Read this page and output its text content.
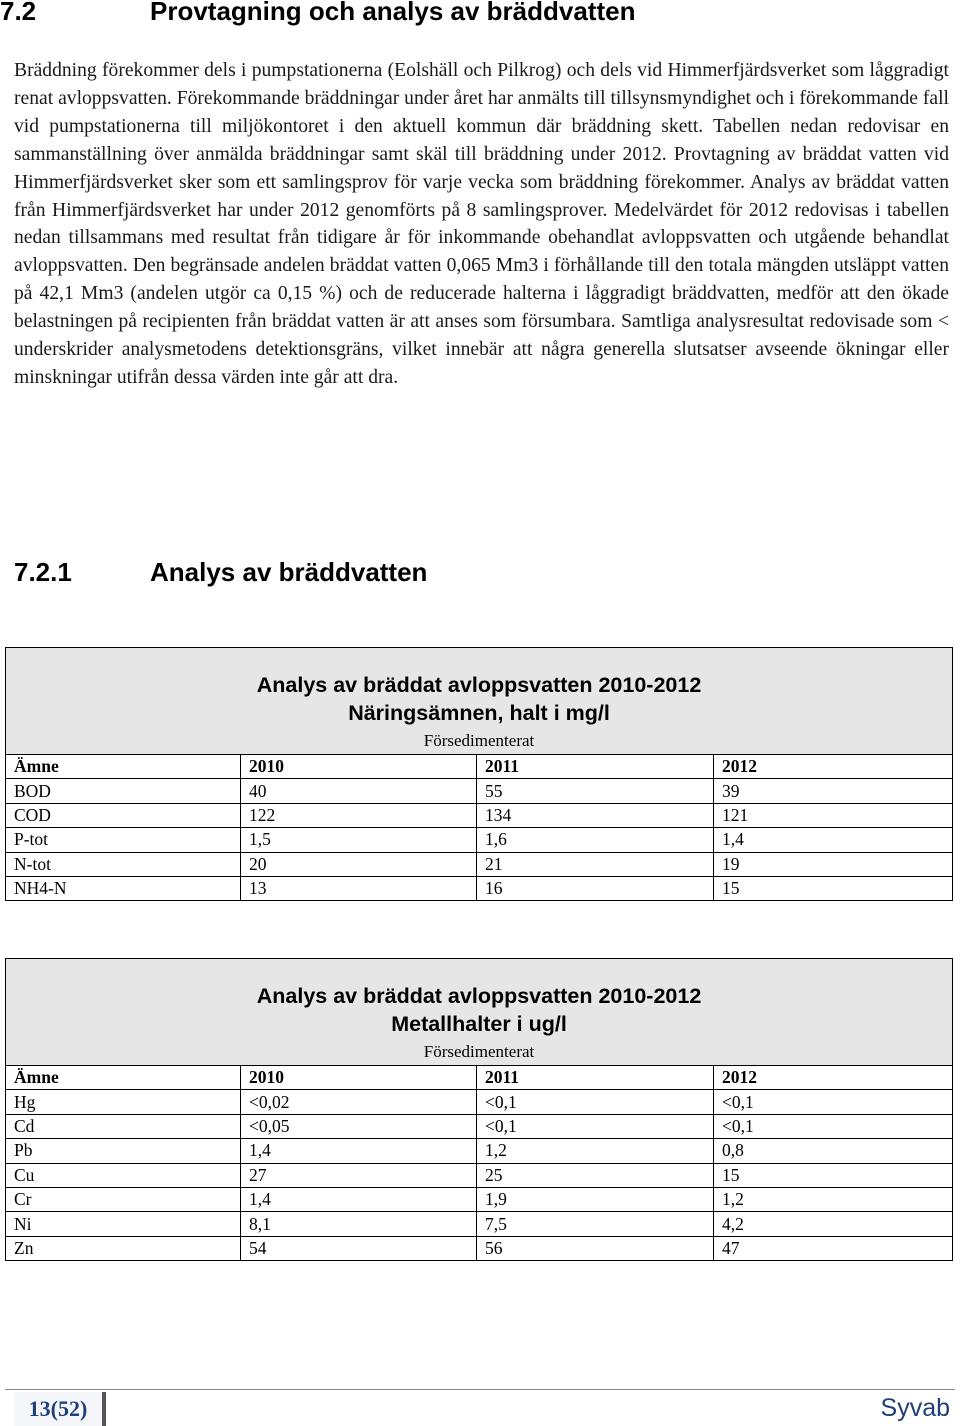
7.2	Provtagning och analys av bräddvatten

Bräddning förekommer dels i pumpstationerna (Eolshäll och Pilkrog) och dels vid Himmerfjärdsverket som låggradigt renat avloppsvatten. Förekommande bräddningar under året har anmälts till tillsynsmyndighet och i förekommande fall vid pumpstationerna till miljökontoret i den aktuell kommun där bräddning skett. Tabellen nedan redovisar en sammanställning över anmälda bräddningar samt skäl till bräddning under 2012. Provtagning av bräddat vatten vid Himmerfjärdsverket sker som ett samlingsprov för varje vecka som bräddning förekommer. Analys av bräddat vatten från Himmerfjärdsverket har under 2012 genomförts på 8 samlingsprover. Medelvärdet för 2012 redovisas i tabellen nedan tillsammans med resultat från tidigare år för inkommande obehandlat avloppsvatten och utgående behandlat avloppsvatten. Den begränsade andelen bräddat vatten 0,065 Mm3 i förhållande till den totala mängden utsläppt vatten på 42,1 Mm3 (andelen utgör ca 0,15 %) och de reducerade halterna i låggradigt bräddvatten, medför att den ökade belastningen på recipienten från bräddat vatten är att anses som försumbara. Samtliga analysresultat redovisade som < underskrider analysmetodens detektionsgräns, vilket innebär att några generella slutsatser avseende ökningar eller minskningar utifrån dessa värden inte går att dra.

7.2.1	Analys av bräddvatten
Analys av bräddat avloppsvatten 2010-2012
Näringsämnen, halt i mg/l
Försedimenterat			

Ämne	2010	2011	2012
BOD	40	55	39
COD	122	134	121
P-tot	1,5	1,6	1,4
N-tot	20	21	19
NH4-N	13	16	15
Analys av bräddat avloppsvatten 2010-2012
Metallhalter i ug/l
Försedimenterat			

Ämne	2010	2011	2012
Hg	<0,02	<0,1	<0,1
Cd	<0,05	<0,1	<0,1
Pb	1,4	1,2	0,8
Cu	27	25	15
Cr	1,4	1,9	1,2
Ni	8,1	7,5	4,2
Zn	54	56	47
13(52)	Syvab
